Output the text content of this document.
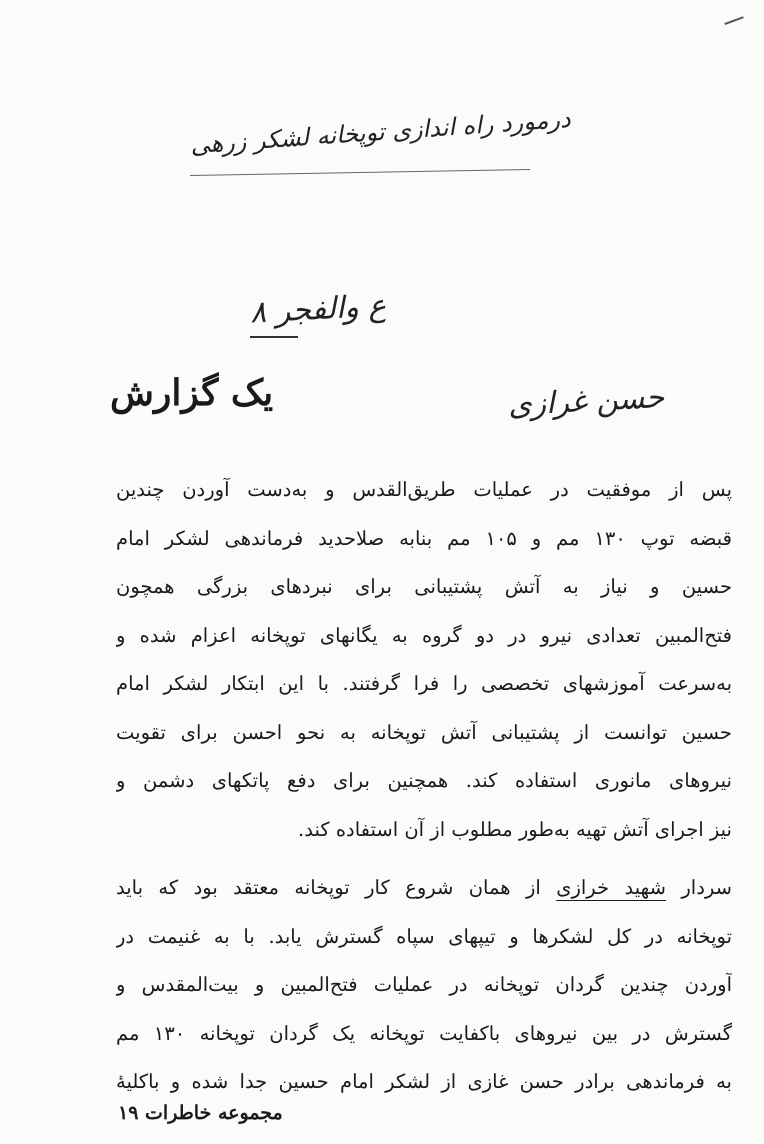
درمورد راه اندازی توپخانه لشکر زرهی
ع والفجر ۸
حسن غرازی
یک گزارش
پس از موفقیت در عملیات طریق‌القدس و به‌دست آوردن چندین
قبضه توپ ۱۳۰ مم و ۱۰۵ مم بنابه صلاحدید فرماندهی لشکر امام
حسین و نیاز به آتش پشتیبانی برای نبردهای بزرگی همچون
فتح‌المبین تعدادی نیرو در دو گروه به یگانهای توپخانه اعزام شده و
به‌سرعت آموزشهای تخصصی را فرا گرفتند. با این ابتکار لشکر امام
حسین توانست از پشتیبانی آتش توپخانه به نحو احسن برای تقویت
نیروهای مانوری استفاده کند. همچنین برای دفع پاتکهای دشمن و
نیز اجرای آتش تهیه به‌طور مطلوب از آن استفاده کند.
سردار شهید خرازی از همان شروع کار توپخانه معتقد بود که باید
توپخانه در کل لشکرها و تیپهای سپاه گسترش یابد. با به غنیمت در
آوردن چندین گردان توپخانه در عملیات فتح‌المبین و بیت‌المقدس و
گسترش در بین نیروهای باکفایت توپخانه یک گردان توپخانه ۱۳۰ مم
به فرماندهی برادر حسن غازی از لشکر امام حسین جدا شده و باکلیهٔ
مجموعه خاطرات ۱۹
